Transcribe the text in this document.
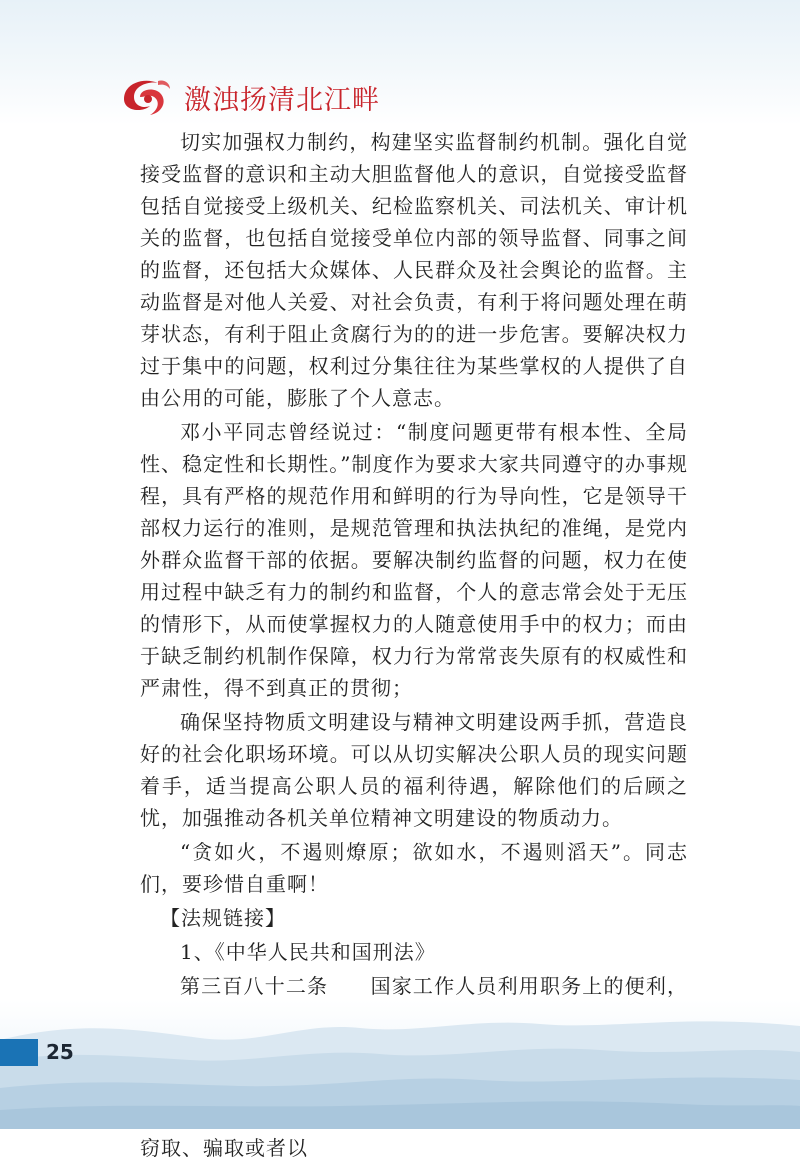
激浊扬清北江畔

切实加强权力制约，构建坚实监督制约机制。强化自觉接受监督的意识和主动大胆监督他人的意识，自觉接受监督包括自觉接受上级机关、纪检监察机关、司法机关、审计机关的监督，也包括自觉接受单位内部的领导监督、同事之间的监督，还包括大众媒体、人民群众及社会舆论的监督。主动监督是对他人关爱、对社会负责，有利于将问题处理在萌芽状态，有利于阻止贪腐行为的的进一步危害。要解决权力过于集中的问题，权利过分集往往为某些掌权的人提供了自由公用的可能，膨胀了个人意志。

邓小平同志曾经说过：“制度问题更带有根本性、全局性、稳定性和长期性。”制度作为要求大家共同遵守的办事规程，具有严格的规范作用和鲜明的行为导向性，它是领导干部权力运行的准则，是规范管理和执法执纪的准绳，是党内外群众监督干部的依据。要解决制约监督的问题，权力在使用过程中缺乏有力的制约和监督，个人的意志常会处于无压的情形下，从而使掌握权力的人随意使用手中的权力；而由于缺乏制约机制作保障，权力行为常常丧失原有的权威性和严肃性，得不到真正的贯彻；

确保坚持物质文明建设与精神文明建设两手抓，营造良好的社会化职场环境。可以从切实解决公职人员的现实问题着手，适当提高公职人员的福利待遇，解除他们的后顾之忧，加强推动各机关单位精神文明建设的物质动力。

“贪如火，不遏则燎原；欲如水，不遏则滔天”。同志们，要珍惜自重啊！

【法规链接】

1、《中华人民共和国刑法》

第三百八十二条　　国家工作人员利用职务上的便利，

窃取、骗取或者以

25
